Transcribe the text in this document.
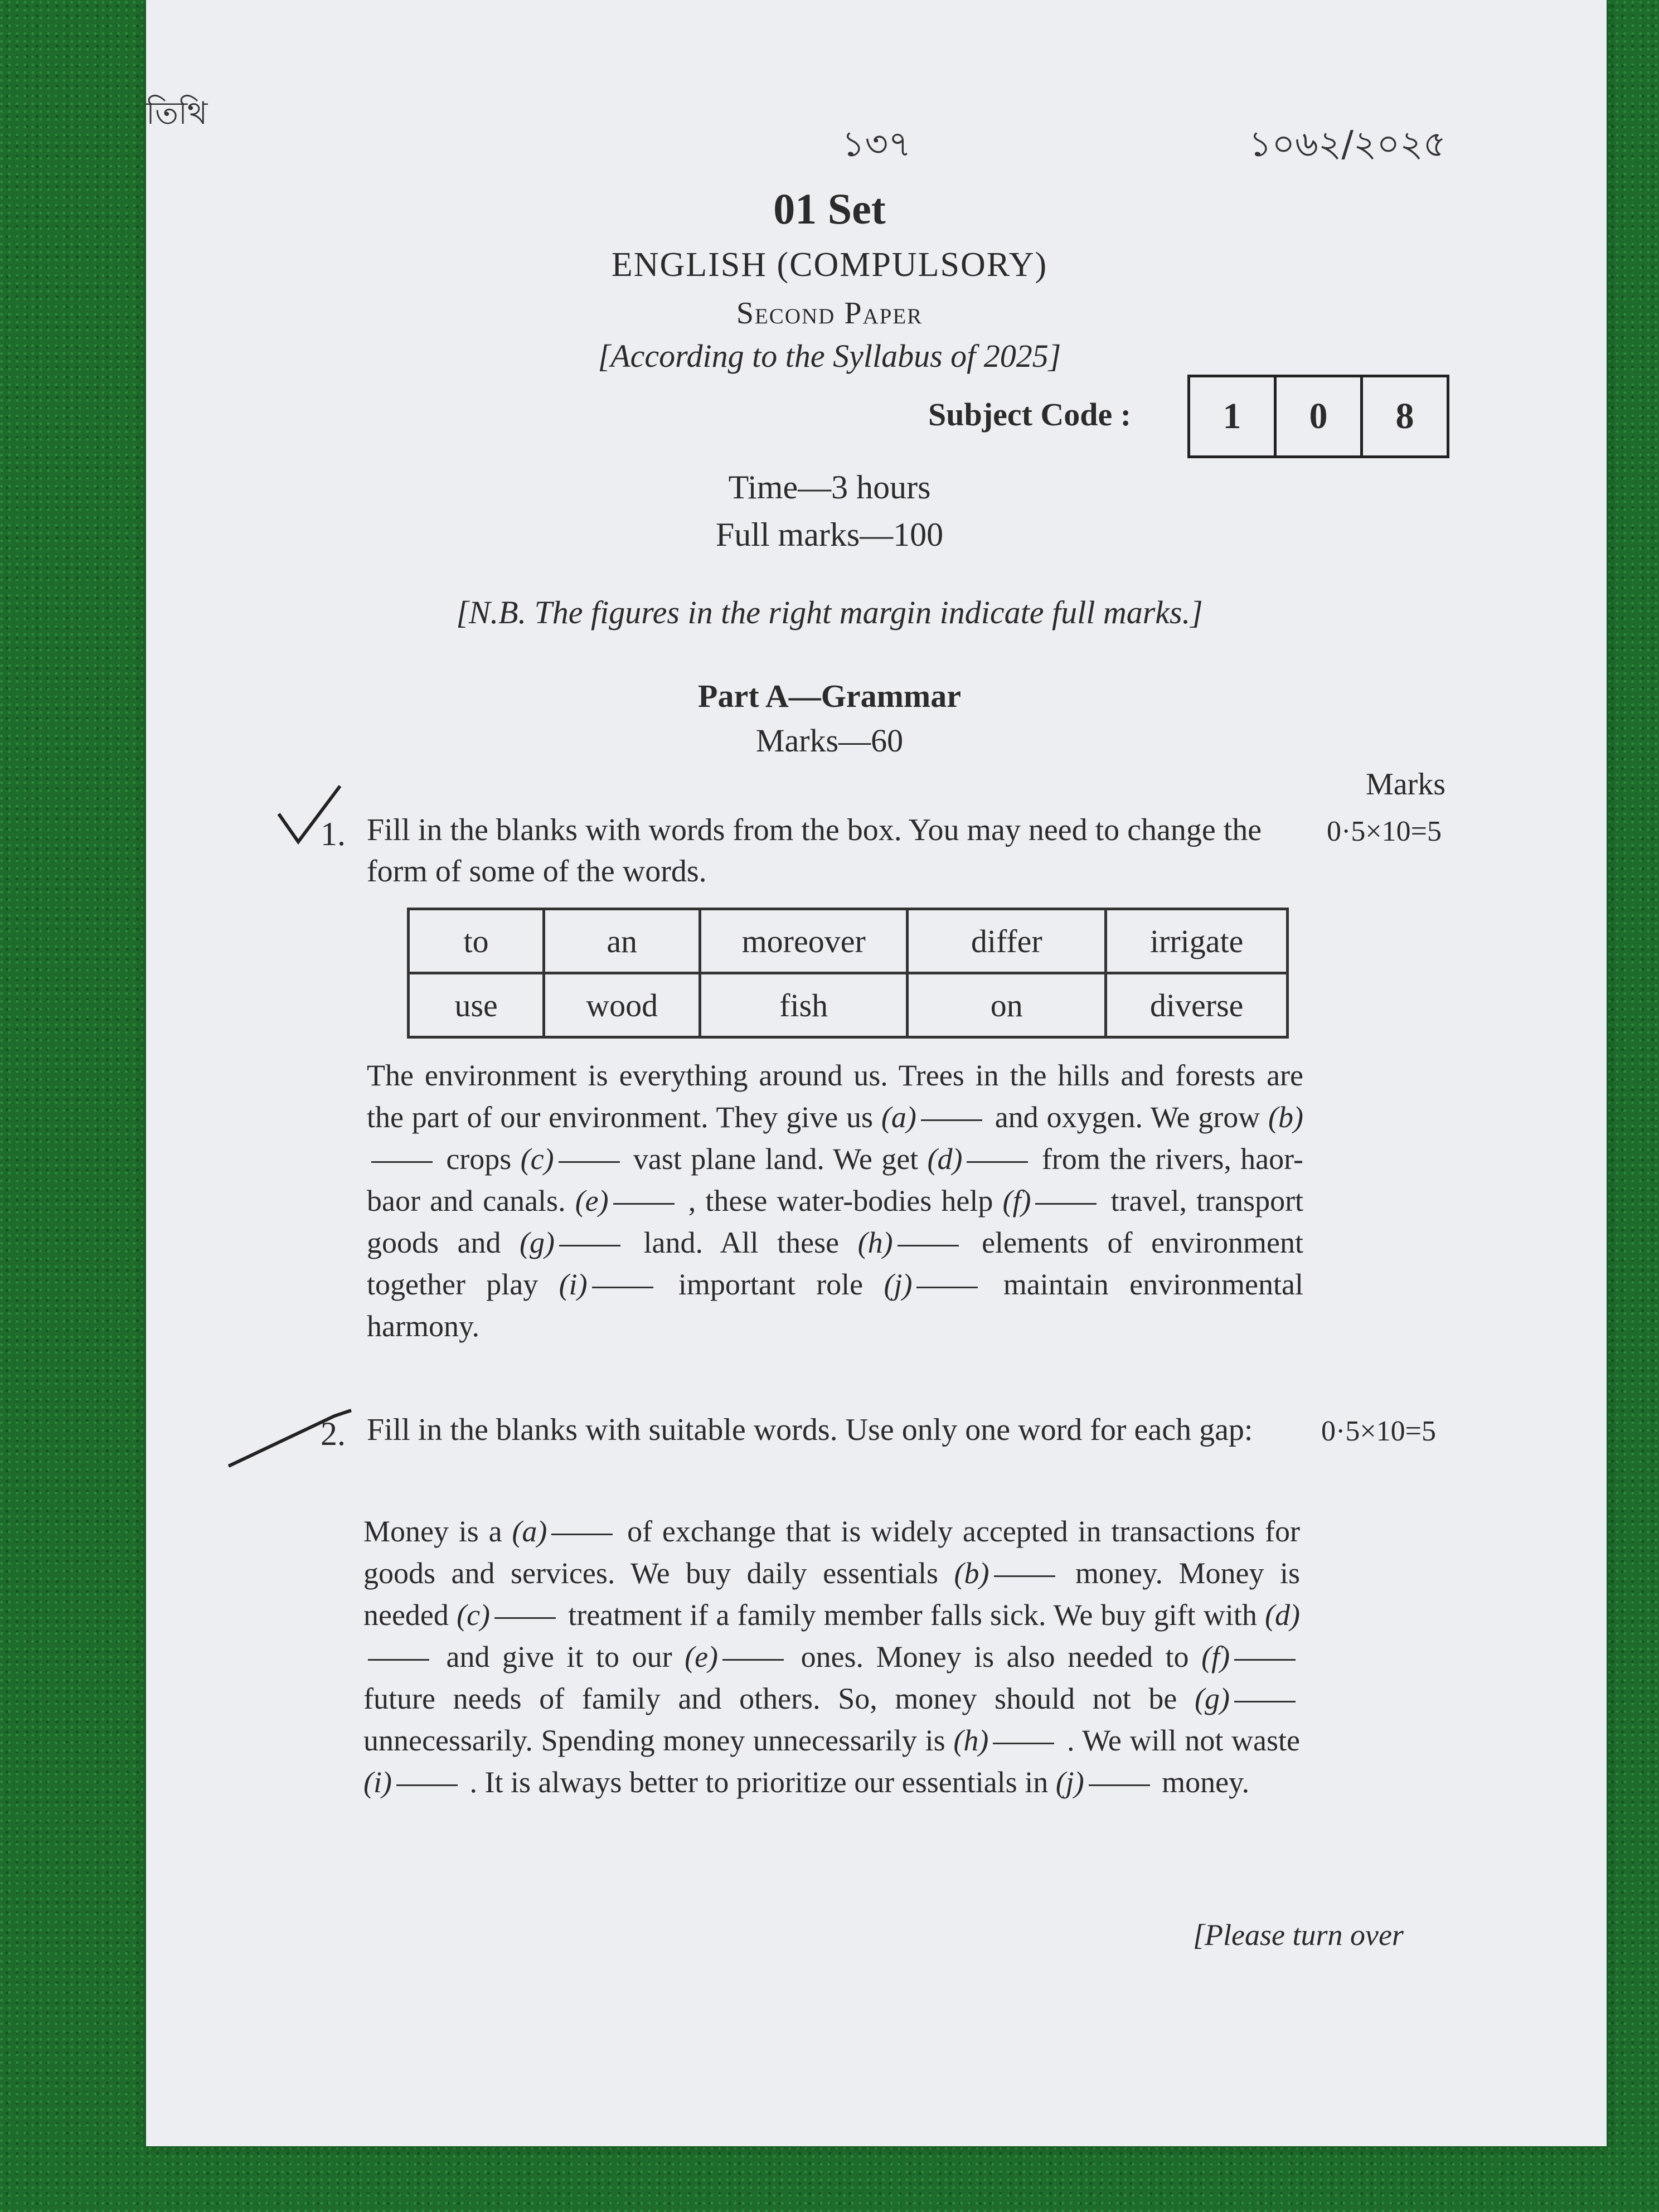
তিথি
১৩৭	১০৬২/২০২৫
01 Set
ENGLISH (COMPULSORY)
Second Paper
[According to the Syllabus of 2025]
Subject Code :	1	0	8
Time—3 hours
Full marks—100
[N.B. The figures in the right margin indicate full marks.]
Part A—Grammar
Marks—60
Marks
1. Fill in the blanks with words from the box. You may need to change the form of some of the words.
0·5×10=5
to	an	moreover	differ	irrigate
use	wood	fish	on	diverse

The environment is everything around us. Trees in the hills and forests are the part of our environment. They give us (a)	and oxygen. We grow (b) crops (c)	vast plane land. We get (d)	from the rivers, haor-baor and canals. (e)	, these water-bodies help (f)	travel, transport goods and (g)	land. All these (h)	elements of environment together play (i)	important role (j)	maintain environmental harmony.

2. Fill in the blanks with suitable words. Use only one word for each gap:	0·5×10=5

Money is a (a)	of exchange that is widely accepted in transactions for goods and services. We buy daily essentials (b)	money. Money is needed (c)	treatment if a family member falls sick. We buy gift with (d) and give it to our (e)	ones. Money is also needed to (f) future needs of family and others. So, money should not be (g) unnecessarily. Spending money unnecessarily is (h)	. We will not waste (i)	. It is always better to prioritize our essentials in (j)	money.

[Please turn over
